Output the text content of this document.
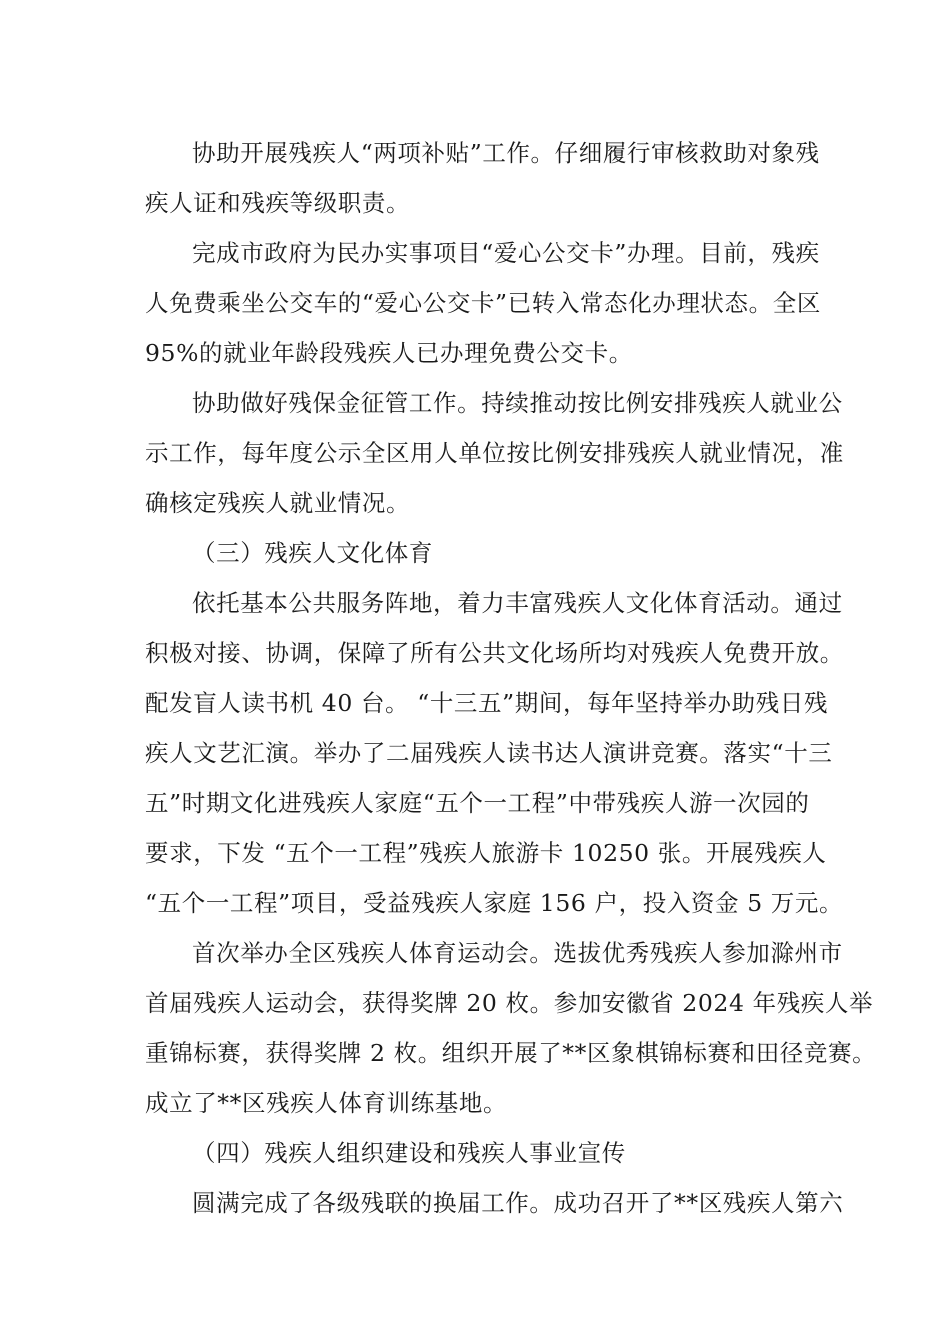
协助开展残疾人“两项补贴”工作。仔细履行审核救助对象残
疾人证和残疾等级职责。
完成市政府为民办实事项目“爱心公交卡”办理。目前，残疾
人免费乘坐公交车的“爱心公交卡”已转入常态化办理状态。全区
95%的就业年龄段残疾人已办理免费公交卡。
协助做好残保金征管工作。持续推动按比例安排残疾人就业公
示工作，每年度公示全区用人单位按比例安排残疾人就业情况，准
确核定残疾人就业情况。
（三）残疾人文化体育
依托基本公共服务阵地，着力丰富残疾人文化体育活动。通过
积极对接、协调，保障了所有公共文化场所均对残疾人免费开放。
配发盲人读书机 40 台。 “十三五”期间，每年坚持举办助残日残
疾人文艺汇演。举办了二届残疾人读书达人演讲竞赛。落实“十三
五”时期文化进残疾人家庭“五个一工程”中带残疾人游一次园的
要求，下发 “五个一工程”残疾人旅游卡 10250 张。开展残疾人
“五个一工程”项目，受益残疾人家庭 156 户，投入资金 5 万元。
首次举办全区残疾人体育运动会。选拔优秀残疾人参加滁州市
首届残疾人运动会，获得奖牌 20 枚。参加安徽省 2024 年残疾人举
重锦标赛，获得奖牌 2 枚。组织开展了**区象棋锦标赛和田径竞赛。
成立了**区残疾人体育训练基地。
（四）残疾人组织建设和残疾人事业宣传
圆满完成了各级残联的换届工作。成功召开了**区残疾人第六
